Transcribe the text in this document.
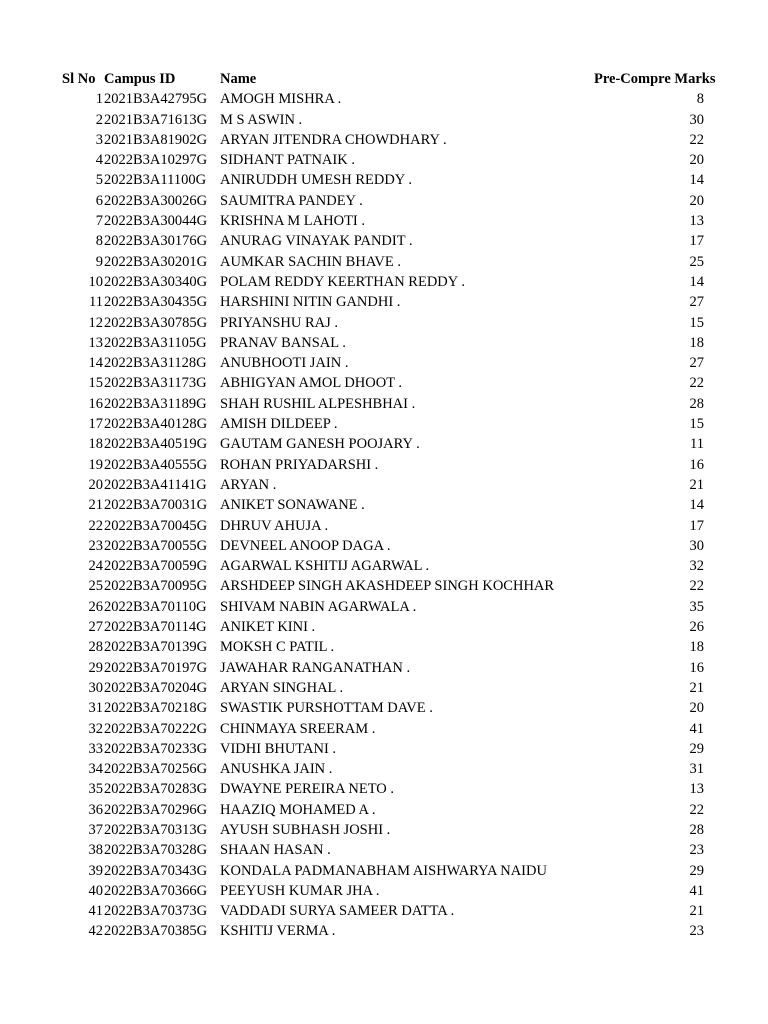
Sl No	Campus ID	Name	Pre-Compre Marks
1	2021B3A42795G	AMOGH MISHRA .	8
2	2021B3A71613G	M S ASWIN .	30
3	2021B3A81902G	ARYAN JITENDRA CHOWDHARY .	22
4	2022B3A10297G	SIDHANT PATNAIK .	20
5	2022B3A11100G	ANIRUDDH UMESH REDDY .	14
6	2022B3A30026G	SAUMITRA PANDEY .	20
7	2022B3A30044G	KRISHNA M LAHOTI .	13
8	2022B3A30176G	ANURAG VINAYAK PANDIT .	17
9	2022B3A30201G	AUMKAR SACHIN BHAVE .	25
10	2022B3A30340G	POLAM REDDY KEERTHAN REDDY .	14
11	2022B3A30435G	HARSHINI NITIN GANDHI .	27
12	2022B3A30785G	PRIYANSHU RAJ .	15
13	2022B3A31105G	PRANAV BANSAL .	18
14	2022B3A31128G	ANUBHOOTI JAIN .	27
15	2022B3A31173G	ABHIGYAN AMOL DHOOT .	22
16	2022B3A31189G	SHAH RUSHIL ALPESHBHAI .	28
17	2022B3A40128G	AMISH DILDEEP .	15
18	2022B3A40519G	GAUTAM GANESH POOJARY .	11
19	2022B3A40555G	ROHAN PRIYADARSHI .	16
20	2022B3A41141G	ARYAN .	21
21	2022B3A70031G	ANIKET SONAWANE .	14
22	2022B3A70045G	DHRUV AHUJA .	17
23	2022B3A70055G	DEVNEEL ANOOP DAGA .	30
24	2022B3A70059G	AGARWAL KSHITIJ AGARWAL .	32
25	2022B3A70095G	ARSHDEEP SINGH AKASHDEEP SINGH KOCHHAR	22
26	2022B3A70110G	SHIVAM NABIN AGARWALA .	35
27	2022B3A70114G	ANIKET KINI .	26
28	2022B3A70139G	MOKSH C PATIL .	18
29	2022B3A70197G	JAWAHAR RANGANATHAN .	16
30	2022B3A70204G	ARYAN SINGHAL .	21
31	2022B3A70218G	SWASTIK PURSHOTTAM DAVE .	20
32	2022B3A70222G	CHINMAYA SREERAM .	41
33	2022B3A70233G	VIDHI BHUTANI .	29
34	2022B3A70256G	ANUSHKA JAIN .	31
35	2022B3A70283G	DWAYNE PEREIRA NETO .	13
36	2022B3A70296G	HAAZIQ MOHAMED A .	22
37	2022B3A70313G	AYUSH SUBHASH JOSHI .	28
38	2022B3A70328G	SHAAN HASAN .	23
39	2022B3A70343G	KONDALA PADMANABHAM AISHWARYA NAIDU	29
40	2022B3A70366G	PEEYUSH KUMAR JHA .	41
41	2022B3A70373G	VADDADI SURYA SAMEER DATTA .	21
42	2022B3A70385G	KSHITIJ VERMA .	23
